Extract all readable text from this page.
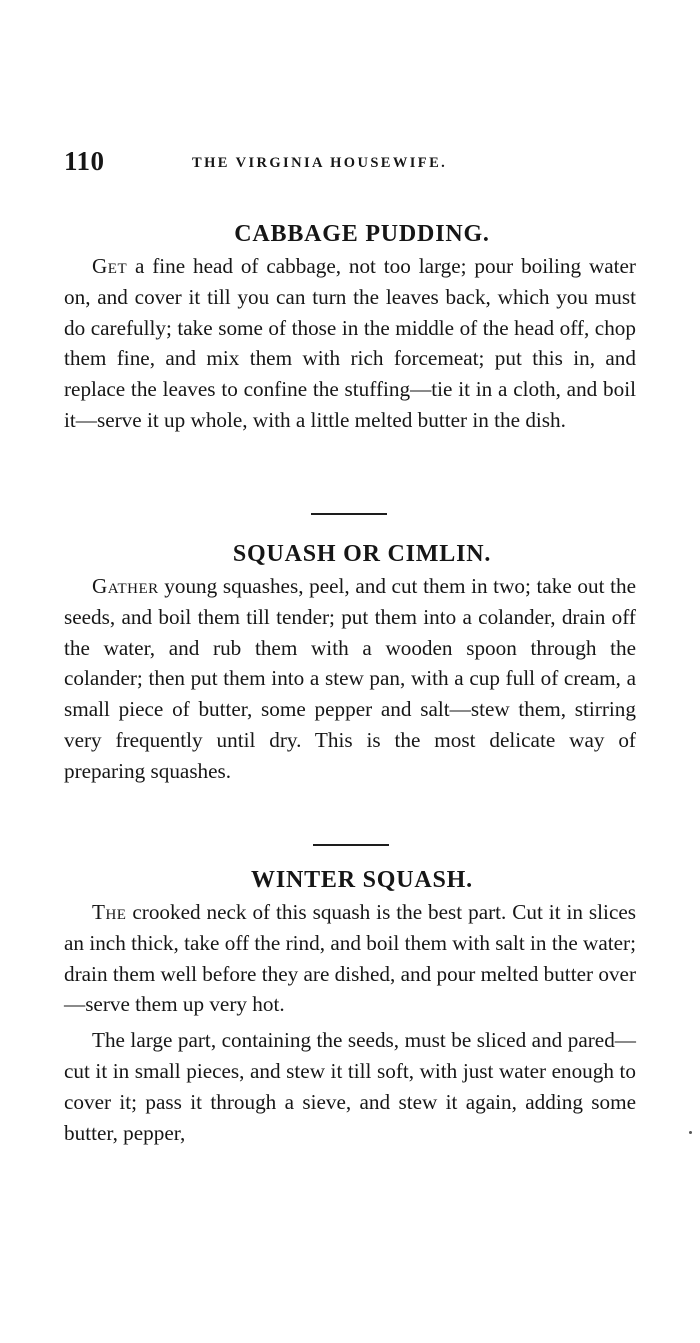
110	THE VIRGINIA HOUSEWIFE.
CABBAGE PUDDING.

Get a fine head of cabbage, not too large; pour boiling water on, and cover it till you can turn the leaves back, which you must do carefully; take some of those in the middle of the head off, chop them fine, and mix them with rich forcemeat; put this in, and replace the leaves to confine the stuffing—tie it in a cloth, and boil it—serve it up whole, with a little melted butter in the dish.

SQUASH OR CIMLIN.

Gather young squashes, peel, and cut them in two; take out the seeds, and boil them till tender; put them into a colander, drain off the water, and rub them with a wooden spoon through the colander; then put them into a stew pan, with a cup full of cream, a small piece of butter, some pepper and salt—stew them, stirring very frequently until dry. This is the most delicate way of preparing squashes.

WINTER SQUASH.

The crooked neck of this squash is the best part. Cut it in slices an inch thick, take off the rind, and boil them with salt in the water; drain them well before they are dished, and pour melted butter over—serve them up very hot.

The large part, containing the seeds, must be sliced and pared—cut it in small pieces, and stew it till soft, with just water enough to cover it; pass it through a sieve, and stew it again, adding some butter, pepper,
